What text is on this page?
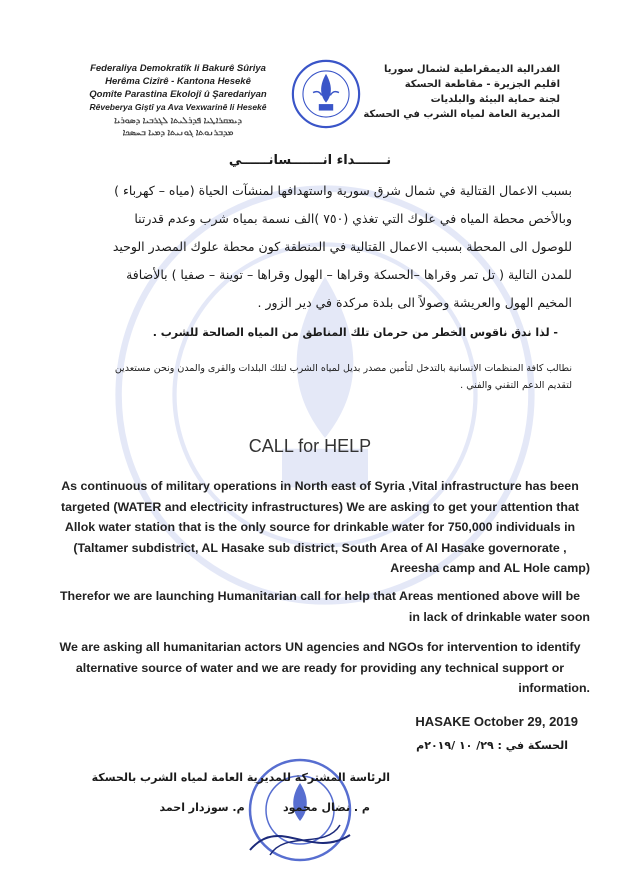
Federaliya Demokratîk li Bakurê Sûriya
Herêma Cizîrê - Kantona Hesekê
Qomîte Parastina Ekolojî û Şaredariyan
Rêveberya Giştî ya Ava Vexwarinê li Hesekê
ܕܝܡܩܪܐܛܝܐ ܦܕܪܠܝܬܐ ܠܓܪܒܝܐ ܕܣܘܪܝܐ
ܡܕܒܪܢܘܬܐ ܓܘܢܝܬܐ ܕܡܝܐ ܒܚܣܟܐ
الفدرالية الديمقراطية لشمال سوريا
اقليم الجزيرة - مقاطعة الحسكة
لجنة حماية البيئة والبلديات
المديرية العامة لمياه الشرب في الحسكة
نـــــــداء انـــــــسانــــــي
بسبب الاعمال القتالية في شمال شرق سورية واستهدافها لمنشآت الحياة (مياه – كهرباء )
وبالأخص محطة المياه في علوك التي تغذي (٧٥٠ )الف نسمة بمياه شرب وعدم قدرتنا
للوصول الى المحطة بسبب الاعمال القتالية في المنطقة كون محطة علوك المصدر الوحيد
للمدن التالية ( تل تمر وقراها –الحسكة وقراها – الهول وقراها – توينة – صفيا ) بالأضافة
المخيم الهول والعريشة وصولاً الى بلدة مركدة في دير الزور .
- لذا ندق ناقوس الخطر من حرمان تلك المناطق من المياه الصالحة للشرب .
نطالب كافة المنظمات الانسانية بالتدخل لتأمين مصدر بديل لمياه الشرب لتلك البلدات والقرى والمدن ونحن مستعدين
لتقديم الدعم التقني والفني .
CALL for HELP
As continuous of military operations in North east of Syria ,Vital infrastructure has been
targeted (WATER and electricity infrastructures) We are asking to get your attention that
Allok water station that is the only source for drinkable water for 750,000 individuals in
(Taltamer subdistrict, AL Hasake sub district, South Area of Al Hasake governorate ,
Areesha camp and AL Hole camp)
Therefor we are launching Humanitarian call for help that Areas mentioned above will be
in lack of drinkable water soon
We are asking all humanitarian actors UN agencies and NGOs for intervention to identify
alternative source of water and we are ready for providing any technical support or
information.
HASAKE October 29, 2019
الحسكة في : ٢٩/ ١٠ /٢٠١٩م
الرئاسة المشتركة للمديرية العامة لمياه الشرب بالحسكة
م . نضال محمود          م. سوزدار احمد
